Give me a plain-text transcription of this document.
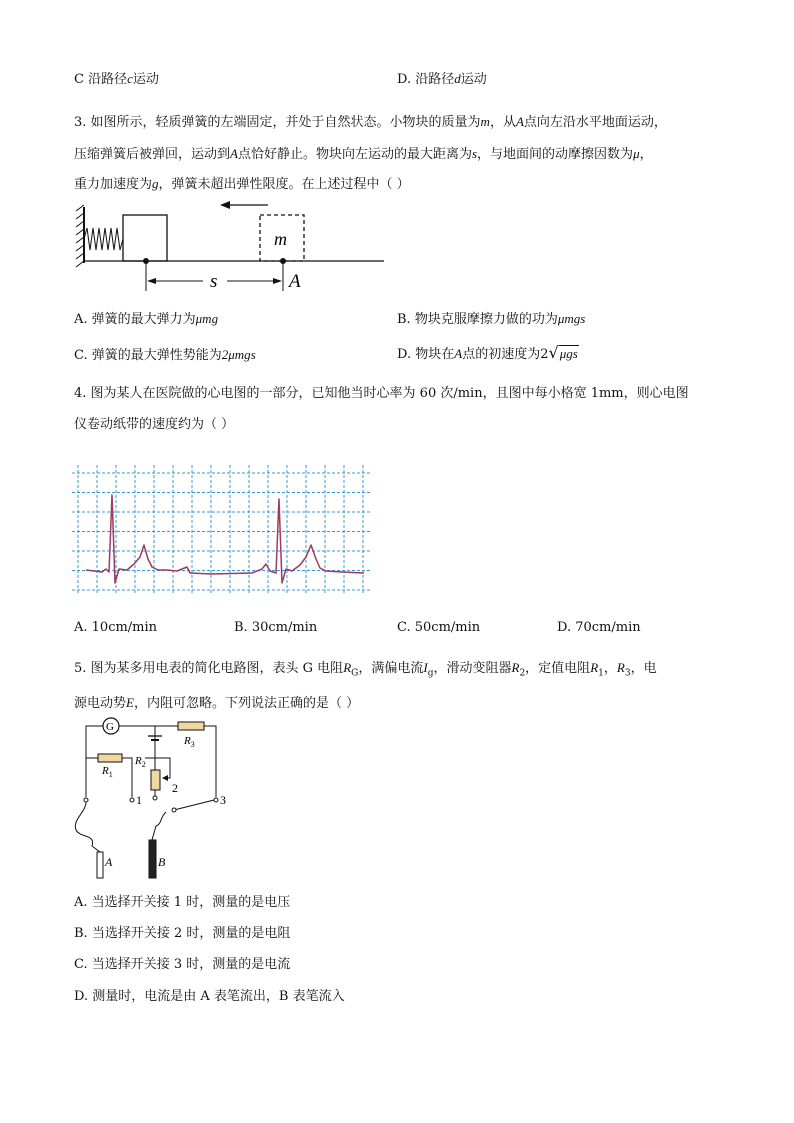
C 沿路径c运动	D. 沿路径d运动
3. 如图所示，轻质弹簧的左端固定，并处于自然状态。小物块的质量为m，从A点向左沿水平地面运动，
压缩弹簧后被弹回，运动到A点恰好静止。物块向左运动的最大距离为s，与地面间的动摩擦因数为μ，
重力加速度为g，弹簧未超出弹性限度。在上述过程中（ ）
m
s	A
A. 弹簧的最大弹力为μmg	B. 物块克服摩擦力做的功为μmgs
C. 弹簧的最大弹性势能为2μmgs	D. 物块在A点的初速度为2√μgs
4. 图为某人在医院做的心电图的一部分，已知他当时心率为 60 次/min，且图中每小格宽 1mm，则心电图
仪卷动纸带的速度约为（ ）
A. 10cm/min	B. 30cm/min	C. 50cm/min	D. 70cm/min
5. 图为某多用电表的简化电路图，表头 G 电阻$R_G$，满偏电流$I_g$，滑动变阻器$R_2$，定值电阻$R_1$，$R_3$，电
源电动势E，内阻可忽略。下列说法正确的是（ ）
G
$R_1$
$R_3$
$R_2$
1
2
3
A	B
A. 当选择开关接 1 时，测量的是电压
B. 当选择开关接 2 时，测量的是电阻
C. 当选择开关接 3 时，测量的是电流
D. 测量时，电流是由 A 表笔流出，B 表笔流入
